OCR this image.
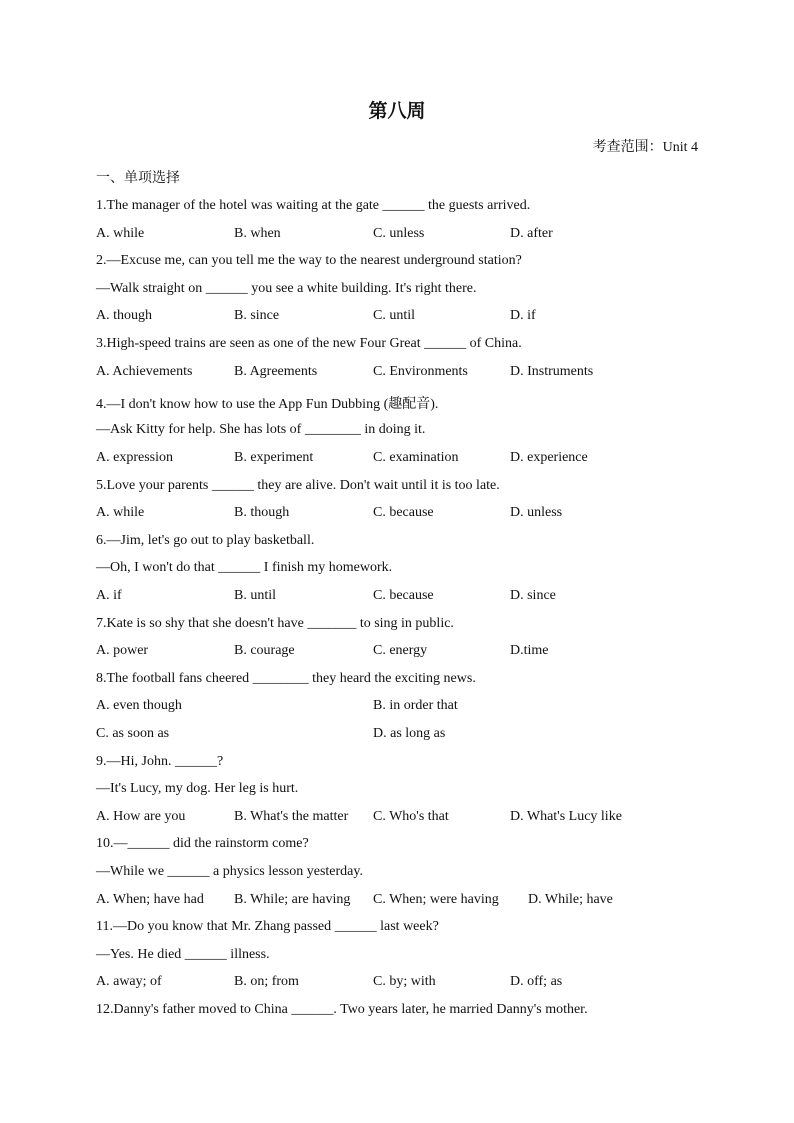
第八周
考查范围：Unit 4
一、单项选择
1.The manager of the hotel was waiting at the gate ______ the guests arrived.
A. while	B. when	C. unless	D. after
2.—Excuse me, can you tell me the way to the nearest underground station?
—Walk straight on ______ you see a white building. It's right there.
A. though	B. since	C. until	D. if
3.High-speed trains are seen as one of the new Four Great ______ of China.
A. Achievements	B. Agreements	C. Environments	D. Instruments
4.—I don't know how to use the App Fun Dubbing (趣配音).
—Ask Kitty for help. She has lots of ________ in doing it.
A. expression	B. experiment	C. examination	D. experience
5.Love your parents ______ they are alive. Don't wait until it is too late.
A. while	B. though	C. because	D. unless
6.—Jim, let's go out to play basketball.
—Oh, I won't do that ______ I finish my homework.
A. if	B. until	C. because	D. since
7.Kate is so shy that she doesn't have _______ to sing in public.
A. power	B. courage	C. energy	D.time
8.The football fans cheered ________ they heard the exciting news.
A. even though	B. in order that
C. as soon as	D. as long as
9.—Hi, John. ______?
—It's Lucy, my dog. Her leg is hurt.
A. How are you	B. What's the matter C. Who's that	D. What's Lucy like
10.—______ did the rainstorm come?
—While we ______ a physics lesson yesterday.
A. When; have had B. While; are having C. When; were having D. While; have
11.—Do you know that Mr. Zhang passed ______ last week?
—Yes. He died ______ illness.
A. away; of	B. on; from	C. by; with	D. off; as
12.Danny's father moved to China ______. Two years later, he married Danny's mother.
